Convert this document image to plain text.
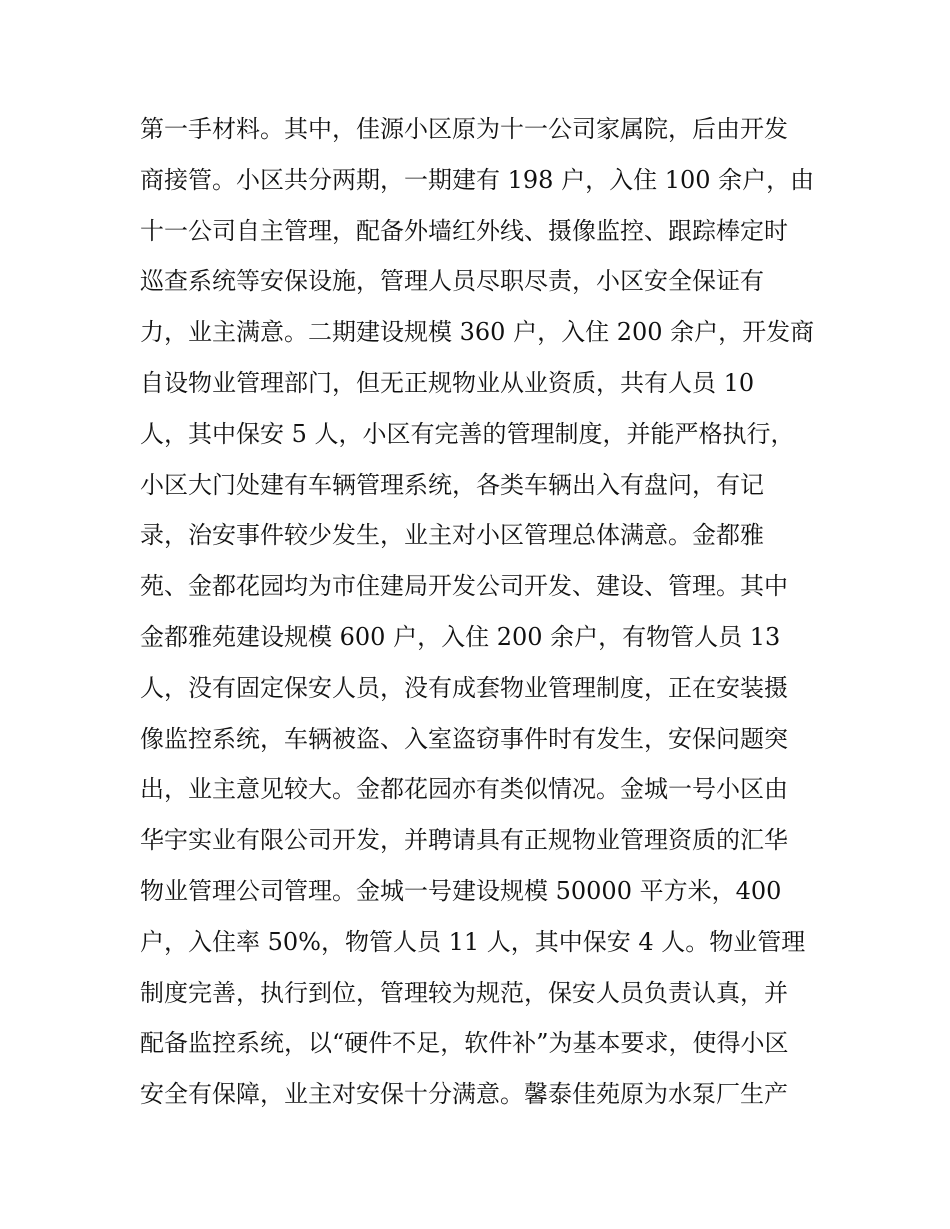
第一手材料。其中，佳源小区原为十一公司家属院，后由开发
商接管。小区共分两期，一期建有 198 户，入住 100 余户，由
十一公司自主管理，配备外墙红外线、摄像监控、跟踪棒定时
巡查系统等安保设施，管理人员尽职尽责，小区安全保证有
力，业主满意。二期建设规模 360 户，入住 200 余户，开发商
自设物业管理部门，但无正规物业从业资质，共有人员 10
人，其中保安 5 人，小区有完善的管理制度，并能严格执行，
小区大门处建有车辆管理系统，各类车辆出入有盘问，有记
录，治安事件较少发生，业主对小区管理总体满意。金都雅
苑、金都花园均为市住建局开发公司开发、建设、管理。其中
金都雅苑建设规模 600 户，入住 200 余户，有物管人员 13
人，没有固定保安人员，没有成套物业管理制度，正在安装摄
像监控系统，车辆被盗、入室盗窃事件时有发生，安保问题突
出，业主意见较大。金都花园亦有类似情况。金城一号小区由
华宇实业有限公司开发，并聘请具有正规物业管理资质的汇华
物业管理公司管理。金城一号建设规模 50000 平方米，400
户，入住率 50%，物管人员 11 人，其中保安 4 人。物业管理
制度完善，执行到位，管理较为规范，保安人员负责认真，并
配备监控系统，以“硬件不足，软件补”为基本要求，使得小区
安全有保障，业主对安保十分满意。馨泰佳苑原为水泵厂生产
